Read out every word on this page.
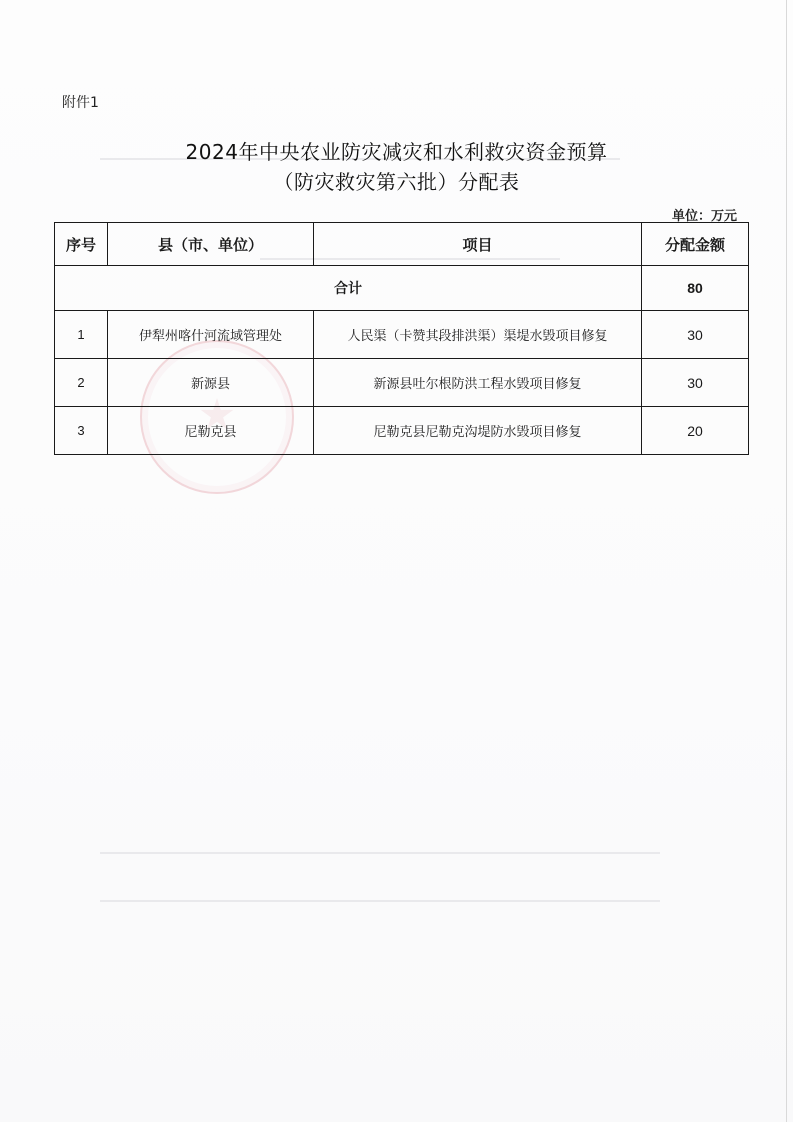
附件1
2024年中央农业防灾减灾和水利救灾资金预算
（防灾救灾第六批）分配表
单位：万元
序号	县（市、单位）	项目	分配金额
合计			80
1	伊犁州喀什河流域管理处	人民渠（卡赞其段排洪渠）渠堤水毁项目修复	30
2	新源县	新源县吐尔根防洪工程水毁项目修复	30
3	尼勒克县	尼勒克县尼勒克沟堤防水毁项目修复	20
